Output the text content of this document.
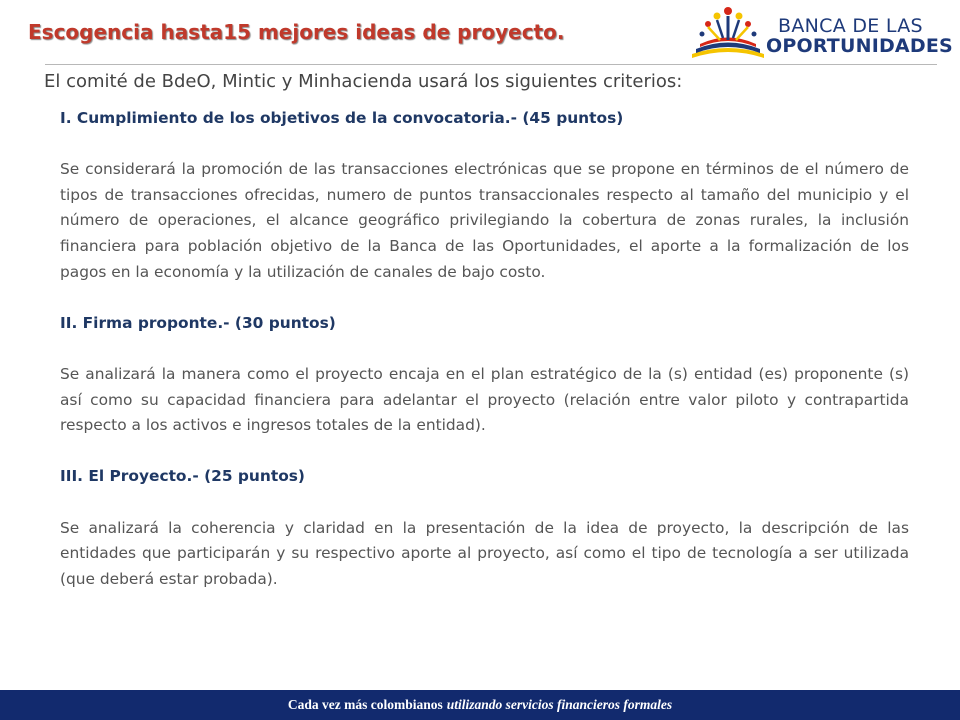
Escogencia hasta15 mejores ideas de proyecto.	BANCA DE LAS
OPORTUNIDADES
El comité de BdeO, Mintic y Minhacienda usará los siguientes criterios:

I. Cumplimiento de los objetivos de la convocatoria.- (45 puntos)

Se considerará la promoción de las transacciones electrónicas que se propone en términos de el número de tipos de transacciones ofrecidas, numero de puntos transaccionales respecto al tamaño del municipio y el número de operaciones, el alcance geográfico privilegiando la cobertura de zonas rurales, la inclusión financiera para población objetivo de la Banca de las Oportunidades, el aporte a la formalización de los pagos en la economía y la utilización de canales de bajo costo.

II. Firma proponte.- (30 puntos)

Se analizará la manera como el proyecto encaja en el plan estratégico de la (s) entidad (es) proponente (s) así como su capacidad financiera para adelantar el proyecto (relación entre valor piloto y contrapartida respecto a los activos e ingresos totales de la entidad).

III. El Proyecto.- (25 puntos)

Se analizará la coherencia y claridad en la presentación de la idea de proyecto, la descripción de las entidades que participarán y su respectivo aporte al proyecto, así como el tipo de tecnología a ser utilizada (que deberá estar probada).

Cada vez más colombianos utilizando servicios financieros formales
